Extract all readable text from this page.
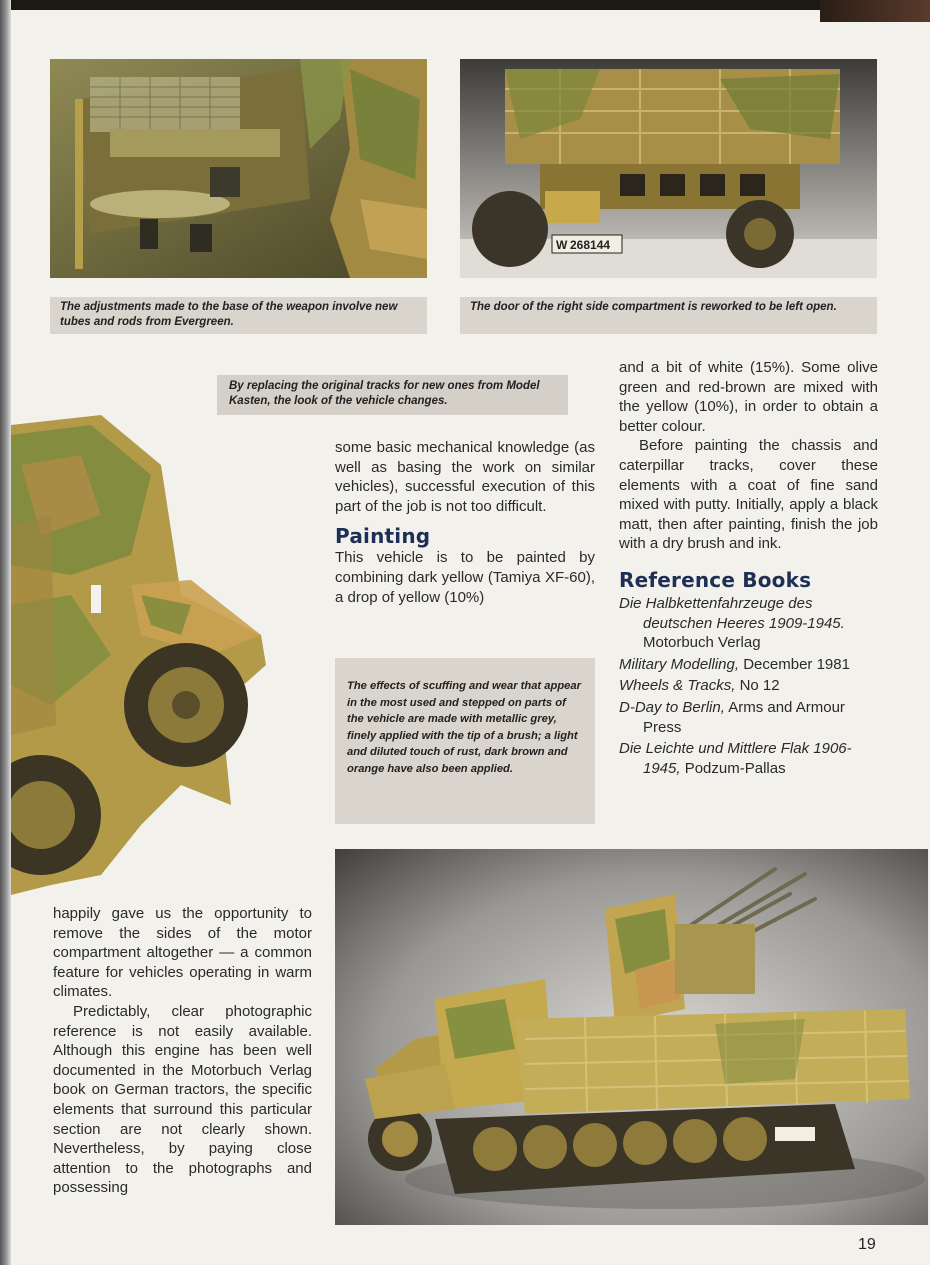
W 268144
The adjustments made to the base of the weapon involve new tubes and rods from Evergreen.
The door of the right side compartment is reworked to be left open.
By replacing the original tracks for new ones from Model Kasten, the look of the vehicle changes.

some basic mechanical knowledge (as well as basing the work on similar vehicles), successful execution of this part of the job is not too difficult.

Painting

This vehicle is to be painted by combining dark yellow (Tamiya XF-60), a drop of yellow (10%)

The effects of scuffing and wear that appear in the most used and stepped on parts of the vehicle are made with metallic grey, finely applied with the tip of a brush; a light and diluted touch of rust, dark brown and orange have also been applied.

and a bit of white (15%). Some olive green and red-brown are mixed with the yellow (10%), in order to obtain a better colour.

Before painting the chassis and caterpillar tracks, cover these elements with a coat of fine sand mixed with putty. Initially, apply a black matt, then after painting, finish the job with a dry brush and ink.

Reference Books

Die Halbkettenfahrzeuge des deutschen Heeres 1909-1945. Motorbuch Verlag

Military Modelling, December 1981

Wheels & Tracks, No 12

D-Day to Berlin, Arms and Armour Press

Die Leichte und Mittlere Flak 1906-1945, Podzum-Pallas

happily gave us the opportunity to remove the sides of the motor compartment altogether — a common feature for vehicles operating in warm climates.

Predictably, clear photographic reference is not easily available. Although this engine has been well documented in the Motorbuch Verlag book on German tractors, the specific elements that surround this particular section are not clearly shown. Nevertheless, by paying close attention to the photographs and possessing

19
